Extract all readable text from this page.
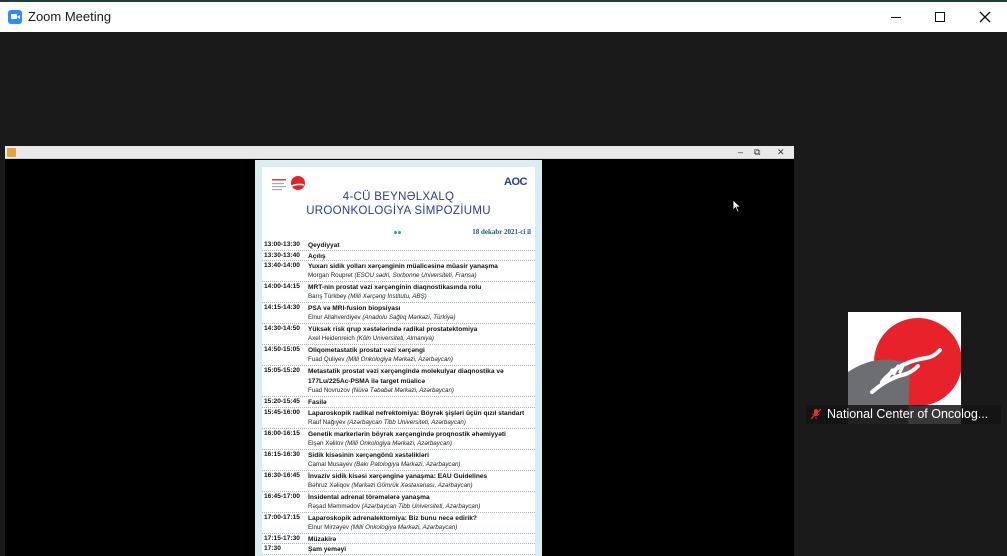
Zoom Meeting
– ⧉ ✕
AOC
4-CÜ BEYNƏLXALQ
UROONKOLOGİYA SİMPOZİUMU
18 dekabr 2021-ci il
13:00-13:30 Qeydiyyat
13:30-13:40 Açılış
13:40-14:00 Yuxarı sidik yolları xərçənginin müalicəsinə müasir yanaşma
Morgan Roupret (ESOU sədri, Sorbonne Universiteti, Fransa)
14:00-14:15 MRT-nin prostat vəzi xərçənginin diaqnostikasında rolu
Barış Türkbey (Milli Xərçəng İnstitutu, ABŞ)
14:15-14:30 PSA və MRI-fusion biopsiyası
Elnur Allahverdiyev (Anadolu Sağlıq Mərkəzi, Türkiyə)
14:30-14:50 Yüksək risk qrup xəstələrində radikal prostatektomiya
Axel Heidenreich (Köln Universiteti, Almaniya)
14:50-15:05 Oliqometastatik prostat vəzi xərçəngi
Fuad Quliyev (Milli Onkologiya Mərkəzi, Azərbaycan)
15:05-15:20 Metastatik prostat vəzi xərçəngində molekulyar diaqnostika və
177Lu/225Ac-PSMA ilə target müalicə
Fuad Novruzov (Nüvə Təbabət Mərkəzi, Azərbaycan)
15:20-15:45 Fasilə
15:45-16:00 Laparoskopik radikal nefrektomiya: Böyrək şişləri üçün qızıl standart
Rauf Nağıyev (Azərbaycan Tibb Universiteti, Azərbaycan)
16:00-16:15 Genetik markerlərin böyrək xərçəngində proqnostik əhəmiyyəti
Elşən Xəlilov (Milli Onkologiya Mərkəzi, Azərbaycan)
16:15-16:30 Sidik kisəsinin xərçəngönü xəstəlikləri
Camal Musayev (Bakı Patologiya Mərkəzi, Azərbaycan)
16:30-16:45 İnvaziv sidik kisəsi xərçənginə yanaşma: EAU Guidelines
Bəhruz Xəliqov (Mərkəzi Gömrük Xəstəxanası, Azərbaycan)
16:45-17:00 İnsidental adrenal törəmələrə yanaşma
Rəşad Məmmədov (Azərbaycan Tibb Universiteti, Azərbaycan)
17:00-17:15 Laparoskopik adrenalektomiya: Biz bunu necə edirik?
Elnur Mirzəyev (Milli Onkologiya Mərkəzi, Azərbaycan)
17:15-17:30 Müzakirə
17:30	Şam yeməyi
National Center of Oncolog...
